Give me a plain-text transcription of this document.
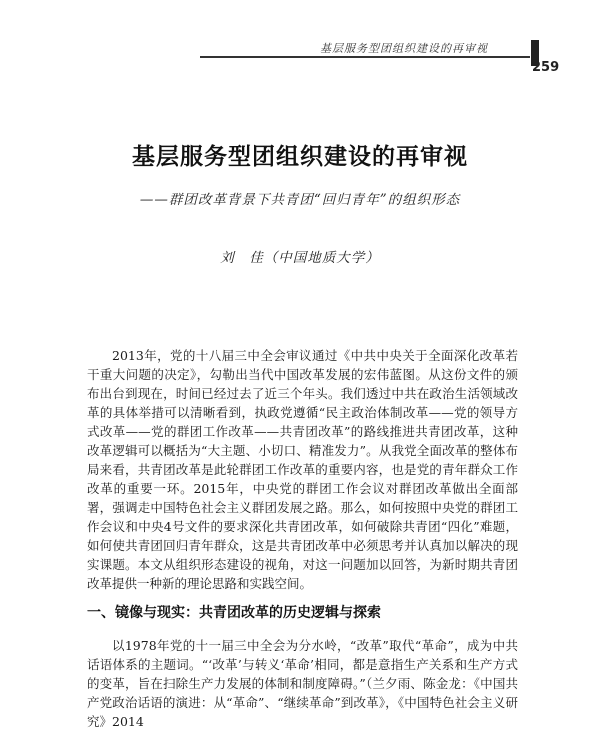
基层服务型团组织建设的再审视
259
基层服务型团组织建设的再审视
——群团改革背景下共青团“回归青年”的组织形态
刘　佳（中国地质大学）

2013年，党的十八届三中全会审议通过《中共中央关于全面深化改革若干重大问题的决定》，勾勒出当代中国改革发展的宏伟蓝图。从这份文件的颁布出台到现在，时间已经过去了近三个年头。我们透过中共在政治生活领域改革的具体举措可以清晰看到，执政党遵循“民主政治体制改革——党的领导方式改革——党的群团工作改革——共青团改革”的路线推进共青团改革，这种改革逻辑可以概括为“大主题、小切口、精准发力”。从我党全面改革的整体布局来看，共青团改革是此轮群团工作改革的重要内容，也是党的青年群众工作改革的重要一环。2015年，中央党的群团工作会议对群团改革做出全面部署，强调走中国特色社会主义群团发展之路。那么，如何按照中央党的群团工作会议和中央4号文件的要求深化共青团改革，如何破除共青团“四化”难题，如何使共青团回归青年群众，这是共青团改革中必须思考并认真加以解决的现实课题。本文从组织形态建设的视角，对这一问题加以回答，为新时期共青团改革提供一种新的理论思路和实践空间。

一、镜像与现实：共青团改革的历史逻辑与探索

以1978年党的十一届三中全会为分水岭，“改革”取代“革命”，成为中共话语体系的主题词。“‘改革’与转义‘革命’相同，都是意指生产关系和生产方式的变革，旨在扫除生产力发展的体制和制度障碍。”（兰夕雨、陈金龙：《中国共产党政治话语的演进：从“革命”、“继续革命”到改革》，《中国特色社会主义研究》2014
